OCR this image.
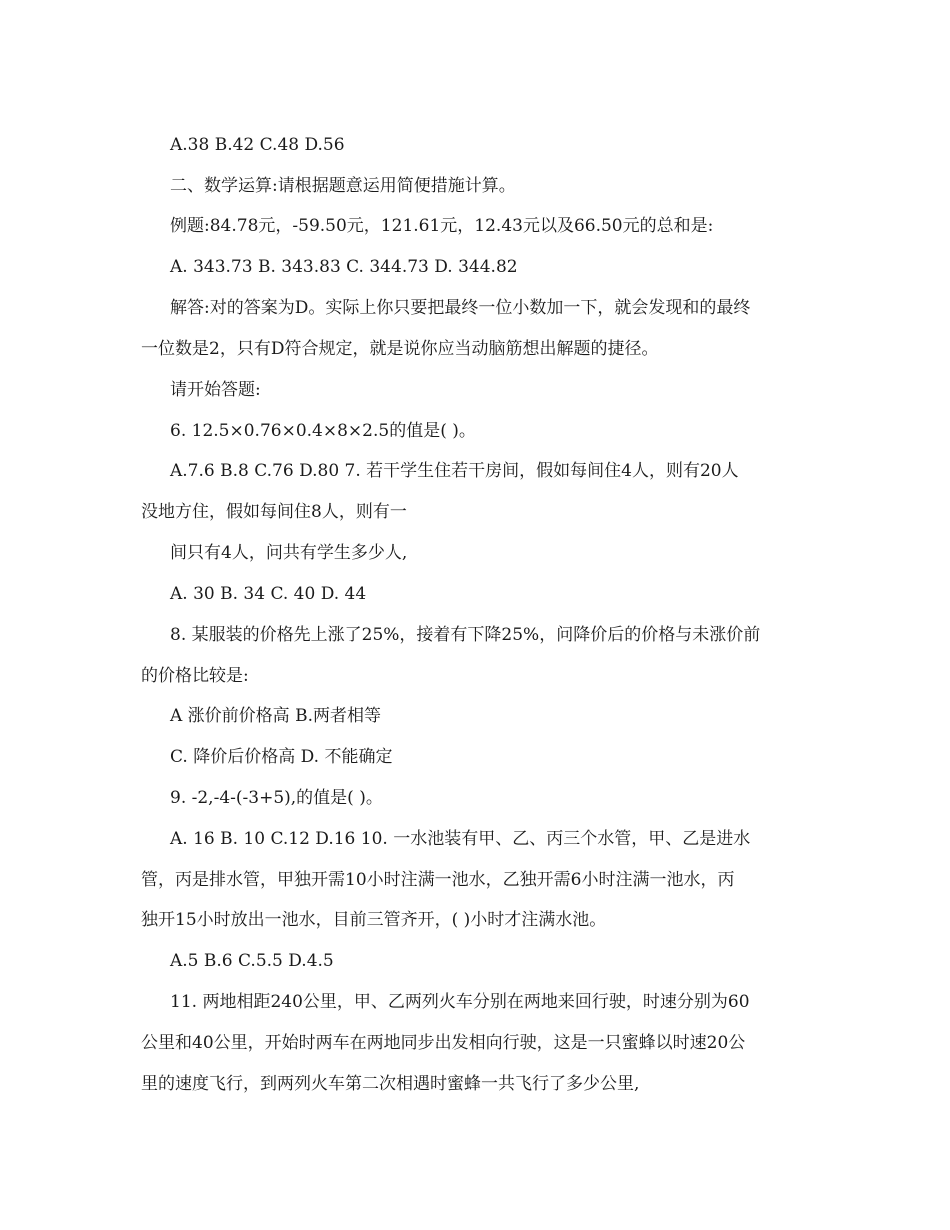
A.38 B.42 C.48 D.56
二、数学运算:请根据题意运用简便措施计算。
例题:84.78元，-59.50元，121.61元，12.43元以及66.50元的总和是:
A. 343.73 B. 343.83 C. 344.73 D. 344.82
解答:对的答案为D。实际上你只要把最终一位小数加一下，就会发现和的最终
一位数是2，只有D符合规定，就是说你应当动脑筋想出解题的捷径。
请开始答题:
6. 12.5×0.76×0.4×8×2.5的值是( )。
A.7.6 B.8 C.76 D.80 7. 若干学生住若干房间，假如每间住4人，则有20人
没地方住，假如每间住8人，则有一
间只有4人，问共有学生多少人,
A. 30 B. 34 C. 40 D. 44
8. 某服装的价格先上涨了25%，接着有下降25%，问降价后的价格与未涨价前
的价格比较是:
A 涨价前价格高 B.两者相等
C. 降价后价格高 D. 不能确定
9. -2,-4-(-3+5),的值是( )。
A. 16 B. 10 C.12 D.16 10. 一水池装有甲、乙、丙三个水管，甲、乙是进水
管，丙是排水管，甲独开需10小时注满一池水，乙独开需6小时注满一池水，丙
独开15小时放出一池水，目前三管齐开，( )小时才注满水池。
A.5 B.6 C.5.5 D.4.5
11. 两地相距240公里，甲、乙两列火车分别在两地来回行驶，时速分别为60
公里和40公里，开始时两车在两地同步出发相向行驶，这是一只蜜蜂以时速20公
里的速度飞行，到两列火车第二次相遇时蜜蜂一共飞行了多少公里,
